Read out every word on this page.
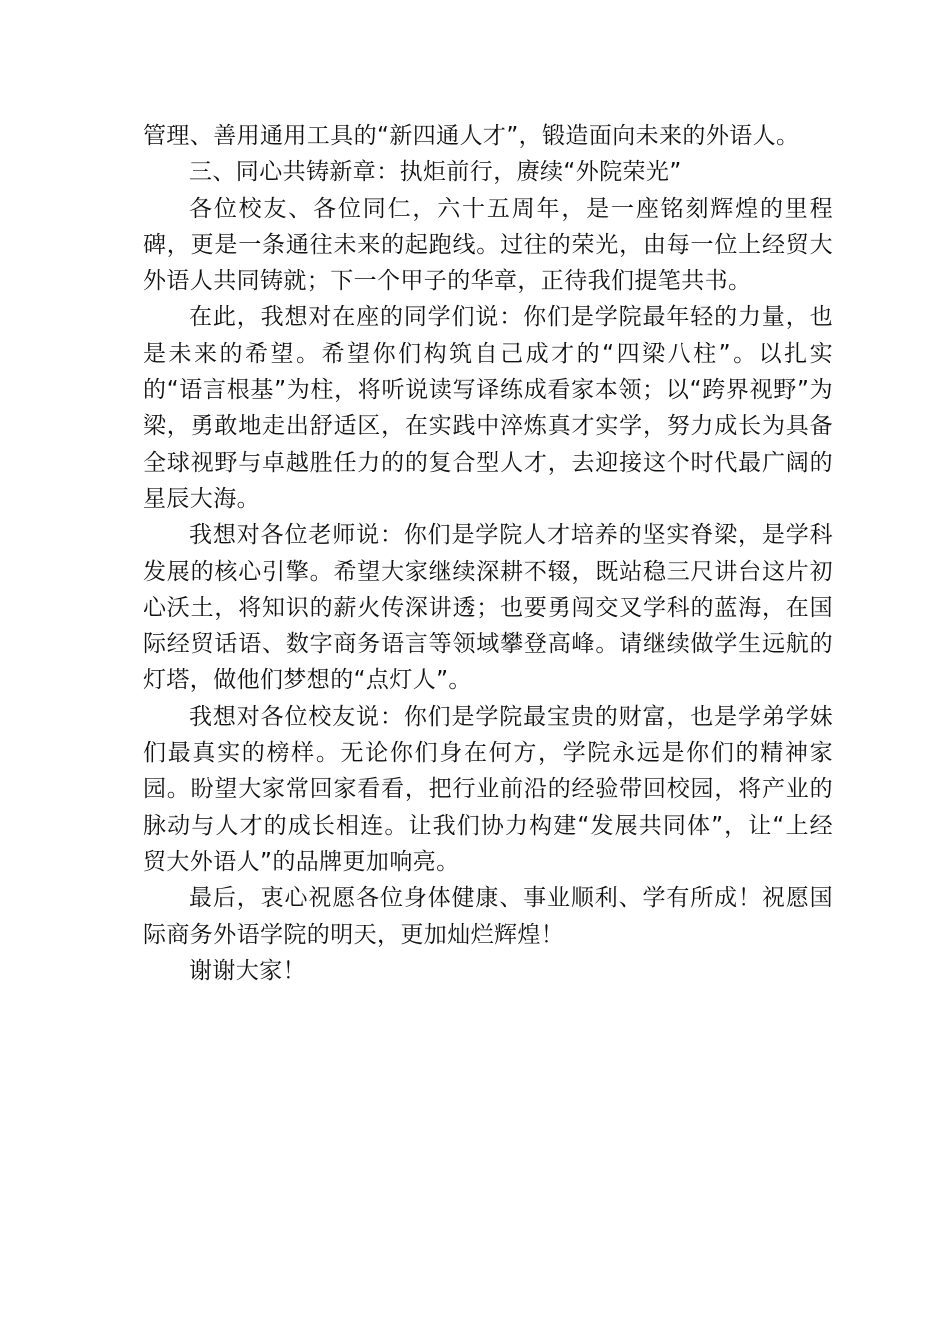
管理、善用通用工具的“新四通人才”，锻造面向未来的外语人。

三、同心共铸新章：执炬前行，赓续“外院荣光”

各位校友、各位同仁，六十五周年，是一座铭刻辉煌的里程碑，更是一条通往未来的起跑线。过往的荣光，由每一位上经贸大外语人共同铸就；下一个甲子的华章，正待我们提笔共书。

在此，我想对在座的同学们说：你们是学院最年轻的力量，也是未来的希望。希望你们构筑自己成才的“四梁八柱”。以扎实的“语言根基”为柱，将听说读写译练成看家本领；以“跨界视野”为梁，勇敢地走出舒适区，在实践中淬炼真才实学，努力成长为具备全球视野与卓越胜任力的的复合型人才，去迎接这个时代最广阔的星辰大海。

我想对各位老师说：你们是学院人才培养的坚实脊梁，是学科发展的核心引擎。希望大家继续深耕不辍，既站稳三尺讲台这片初心沃土，将知识的薪火传深讲透；也要勇闯交叉学科的蓝海，在国际经贸话语、数字商务语言等领域攀登高峰。请继续做学生远航的灯塔，做他们梦想的“点灯人”。

我想对各位校友说：你们是学院最宝贵的财富，也是学弟学妹们最真实的榜样。无论你们身在何方，学院永远是你们的精神家园。盼望大家常回家看看，把行业前沿的经验带回校园，将产业的脉动与人才的成长相连。让我们协力构建“发展共同体”，让“上经贸大外语人”的品牌更加响亮。

最后，衷心祝愿各位身体健康、事业顺利、学有所成！祝愿国际商务外语学院的明天，更加灿烂辉煌！

谢谢大家！
